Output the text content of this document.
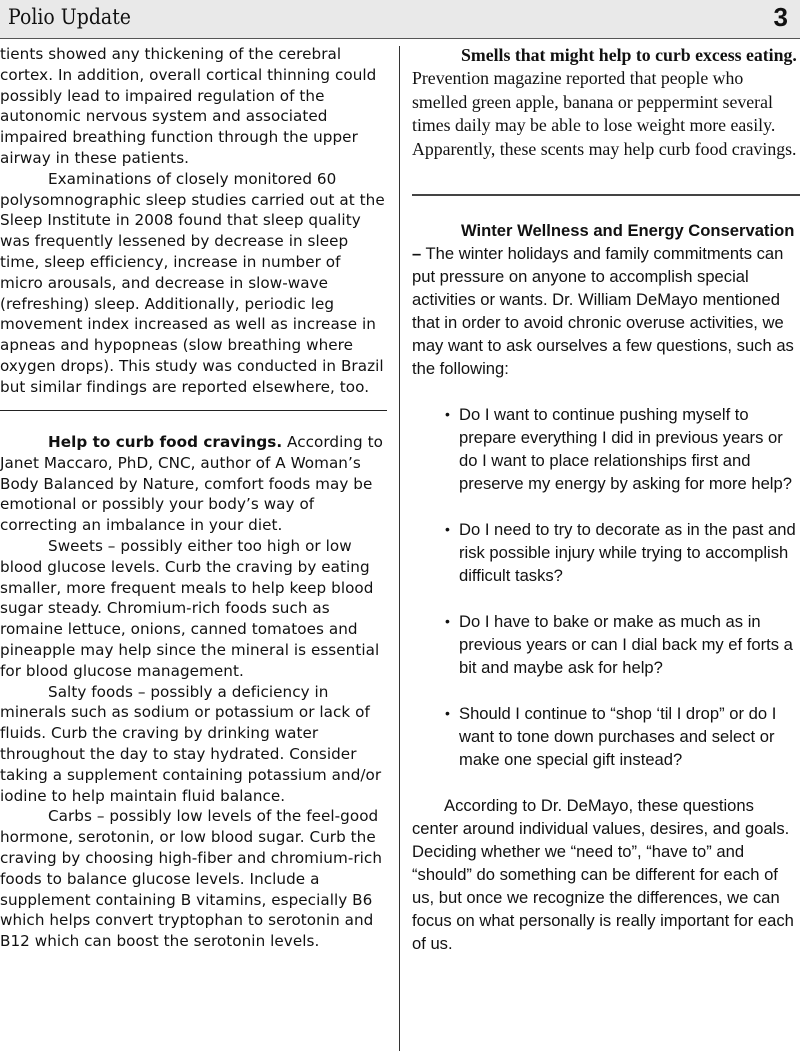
Polio Update	3

tients showed any thickening of the cerebral cortex. In addition, overall cortical thinning could possibly lead to impaired regulation of the autonomic nervous system and associated impaired breathing function through the upper airway in these patients.

Examinations of closely monitored 60 polysomnographic sleep studies carried out at the Sleep Institute in 2008 found that sleep quality was frequently lessened by decrease in sleep time, sleep efficiency, increase in number of micro arousals, and decrease in slow-wave (refreshing) sleep. Additionally, periodic leg movement index increased as well as increase in apneas and hypopneas (slow breathing where oxygen drops). This study was conducted in Brazil but similar findings are reported elsewhere, too.

Help to curb food cravings. According to Janet Maccaro, PhD, CNC, author of A Woman’s Body Balanced by Nature, comfort foods may be emotional or possibly your body’s way of correcting an imbalance in your diet.

Sweets – possibly either too high or low blood glucose levels. Curb the craving by eating smaller, more frequent meals to help keep blood sugar steady. Chromium-rich foods such as romaine lettuce, onions, canned tomatoes and pineapple may help since the mineral is essential for blood glucose management.

Salty foods – possibly a deficiency in minerals such as sodium or potassium or lack of fluids. Curb the craving by drinking water throughout the day to stay hydrated. Consider taking a supplement containing potassium and/or iodine to help maintain fluid balance.

Carbs – possibly low levels of the feel-good hormone, serotonin, or low blood sugar. Curb the craving by choosing high-fiber and chromium-rich foods to balance glucose levels. Include a supplement containing B vitamins, especially B6 which helps convert tryptophan to serotonin and B12 which can boost the serotonin levels.

Smells that might help to curb excess eating. Prevention magazine reported that people who smelled green apple, banana or peppermint several times daily may be able to lose weight more easily. Apparently, these scents may help curb food cravings.

Winter Wellness and Energy Conservation – The winter holidays and family commitments can put pressure on anyone to accomplish special activities or wants. Dr. William DeMayo mentioned that in order to avoid chronic overuse activities, we may want to ask ourselves a few questions, such as the following:

• Do I want to continue pushing myself to prepare everything I did in previous years or do I want to place relationships first and preserve my energy by asking for more help?
• Do I need to try to decorate as in the past and risk possible injury while trying to accomplish difficult tasks?
• Do I have to bake or make as much as in previous years or can I dial back my ef forts a bit and maybe ask for help?
• Should I continue to “shop ‘til I drop” or do I want to tone down purchases and select or make one special gift instead?

According to Dr. DeMayo, these questions center around individual values, desires, and goals. Deciding whether we “need to”, “have to” and “should” do something can be different for each of us, but once we recognize the differences, we can focus on what personally is really important for each of us.
